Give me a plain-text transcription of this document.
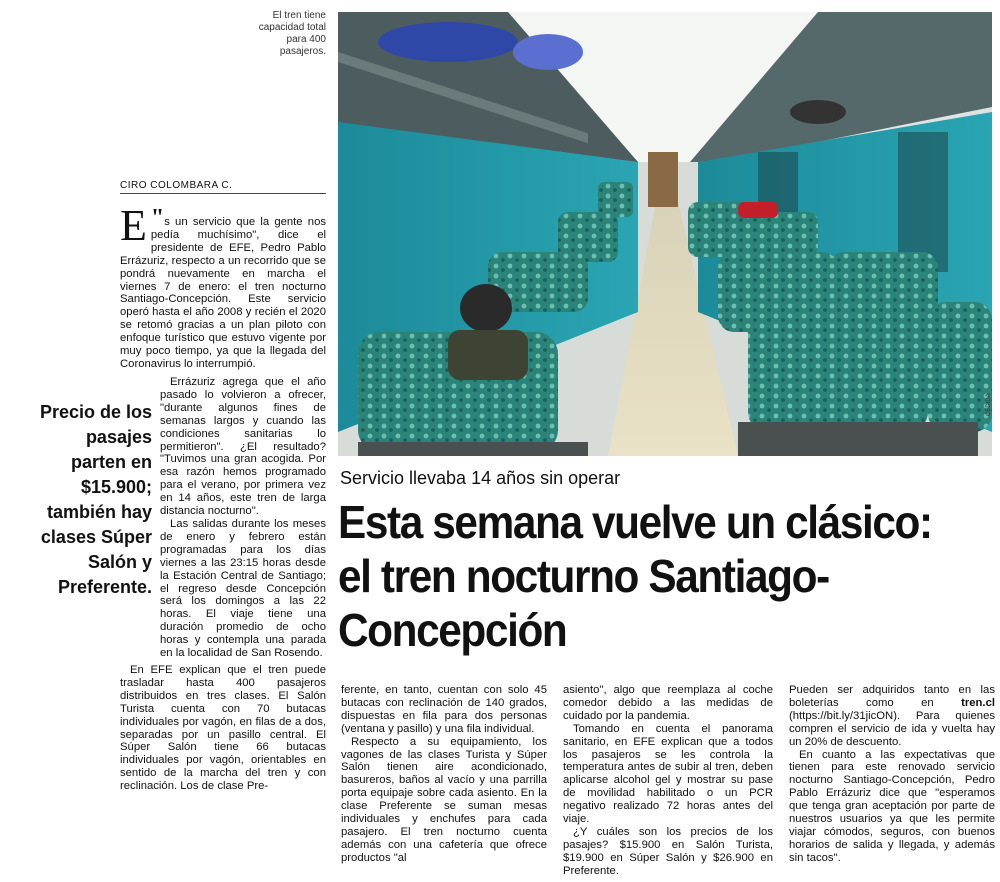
El tren tiene capacidad total para 400 pasajeros.
CEDIDA
CIRO COLOMBARA C.

"
E s un servicio que la gente nos pedía muchísimo", dice el presidente de EFE, Pedro Pablo Errázuriz, respecto a un recorrido que se pondrá nuevamente en marcha el viernes 7 de enero: el tren nocturno Santiago-Concepción. Este servicio operó hasta el año 2008 y recién el 2020 se retomó gracias a un plan piloto con enfoque turístico que estuvo vigente por muy poco tiempo, ya que la llegada del Coronavirus lo interrumpió.

Errázuriz agrega que el año pasado lo volvieron a ofrecer, "durante algunos fines de semanas largos y cuando las condiciones sanitarias lo permitieron". ¿El resultado? "Tuvimos una gran acogida. Por esa razón hemos programado para el verano, por primera vez en 14 años, este tren de larga distancia nocturno".

Las salidas durante los meses de enero y febrero están programadas para los días viernes a las 23:15 horas desde la Estación Central de Santiago; el regreso desde Concepción será los domingos a las 22 horas. El viaje tiene una duración promedio de ocho horas y contempla una parada en la localidad de San Rosendo.

En EFE explican que el tren puede trasladar hasta 400 pasajeros distribuidos en tres clases. El Salón Turista cuenta con 70 butacas individuales por vagón, en filas de a dos, separadas por un pasillo central. El Súper Salón tiene 66 butacas individuales por vagón, orientables en sentido de la marcha del tren y con reclinación. Los de clase Pre-

Precio de los pasajes parten en $15.900; también hay clases Súper Salón y Preferente.
Servicio llevaba 14 años sin operar
Esta semana vuelve un clásico: el tren nocturno Santiago-Concepción

ferente, en tanto, cuentan con solo 45 butacas con reclinación de 140 grados, dispuestas en fila para dos personas (ventana y pasillo) y una fila individual.

Respecto a su equipamiento, los vagones de las clases Turista y Súper Salón tienen aire acondicionado, basureros, baños al vacío y una parrilla porta equipaje sobre cada asiento. En la clase Preferente se suman mesas individuales y enchufes para cada pasajero. El tren nocturno cuenta además con una cafetería que ofrece productos "al

asiento", algo que reemplaza al coche comedor debido a las medidas de cuidado por la pandemia.

Tomando en cuenta el panorama sanitario, en EFE explican que a todos los pasajeros se les controla la temperatura antes de subir al tren, deben aplicarse alcohol gel y mostrar su pase de movilidad habilitado o un PCR negativo realizado 72 horas antes del viaje.

¿Y cuáles son los precios de los pasajes? $15.900 en Salón Turista, $19.900 en Súper Salón y $26.900 en Preferente.

Pueden ser adquiridos tanto en las boleterías como en tren.cl (https://bit.ly/31jicON). Para quienes compren el servicio de ida y vuelta hay un 20% de descuento.

En cuanto a las expectativas que tienen para este renovado servicio nocturno Santiago-Concepción, Pedro Pablo Errázuriz dice que "esperamos que tenga gran aceptación por parte de nuestros usuarios ya que les permite viajar cómodos, seguros, con buenos horarios de salida y llegada, y además sin tacos".
